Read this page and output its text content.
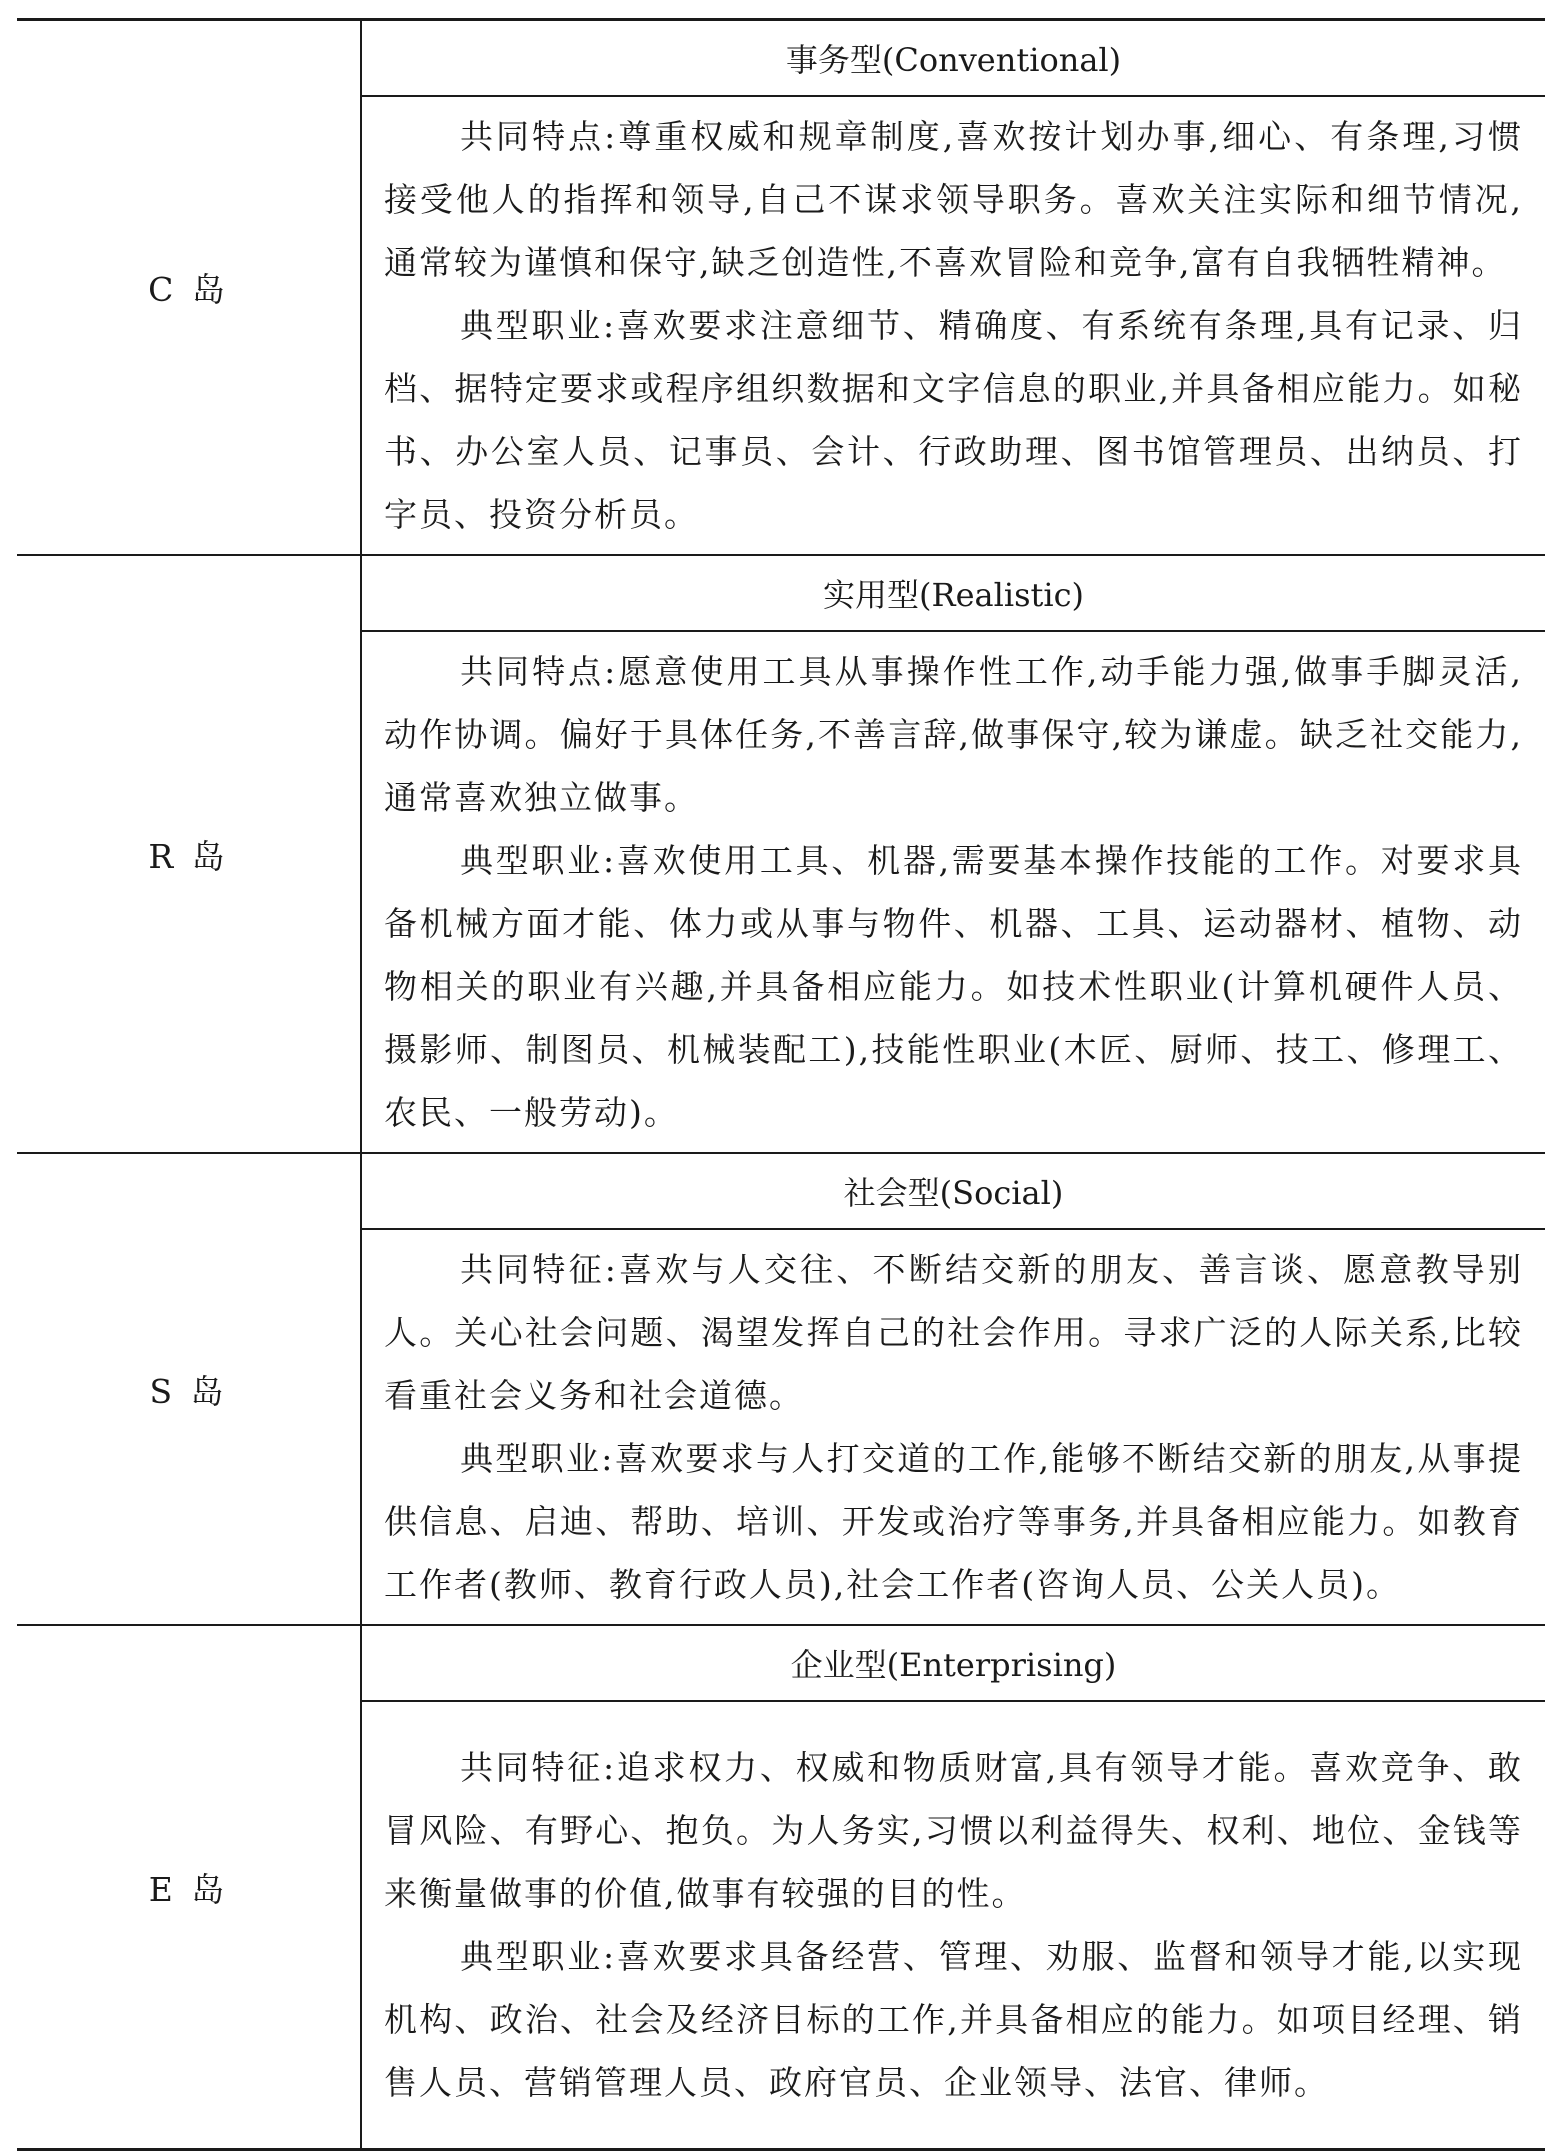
C 岛	事务型(Conventional)

	共同特点:尊重权威和规章制度,喜欢按计划办事,细心、有条理,习惯接受他人的指挥和领导,自己不谋求领导职务。喜欢关注实际和细节情况,通常较为谨慎和保守,缺乏创造性,不喜欢冒险和竞争,富有自我牺牲精神。

典型职业:喜欢要求注意细节、精确度、有系统有条理,具有记录、归档、据特定要求或程序组织数据和文字信息的职业,并具备相应能力。如秘书、办公室人员、记事员、会计、行政助理、图书馆管理员、出纳员、打字员、投资分析员。

R 岛	实用型(Realistic)

	共同特点:愿意使用工具从事操作性工作,动手能力强,做事手脚灵活,动作协调。偏好于具体任务,不善言辞,做事保守,较为谦虚。缺乏社交能力,通常喜欢独立做事。

典型职业:喜欢使用工具、机器,需要基本操作技能的工作。对要求具备机械方面才能、体力或从事与物件、机器、工具、运动器材、植物、动物相关的职业有兴趣,并具备相应能力。如技术性职业(计算机硬件人员、摄影师、制图员、机械装配工),技能性职业(木匠、厨师、技工、修理工、农民、一般劳动)。

S 岛	社会型(Social)

	共同特征:喜欢与人交往、不断结交新的朋友、善言谈、愿意教导别人。关心社会问题、渴望发挥自己的社会作用。寻求广泛的人际关系,比较看重社会义务和社会道德。

典型职业:喜欢要求与人打交道的工作,能够不断结交新的朋友,从事提供信息、启迪、帮助、培训、开发或治疗等事务,并具备相应能力。如教育工作者(教师、教育行政人员),社会工作者(咨询人员、公关人员)。

E 岛	企业型(Enterprising)

	共同特征:追求权力、权威和物质财富,具有领导才能。喜欢竞争、敢冒风险、有野心、抱负。为人务实,习惯以利益得失、权利、地位、金钱等来衡量做事的价值,做事有较强的目的性。

典型职业:喜欢要求具备经营、管理、劝服、监督和领导才能,以实现机构、政治、社会及经济目标的工作,并具备相应的能力。如项目经理、销售人员、营销管理人员、政府官员、企业领导、法官、律师。
